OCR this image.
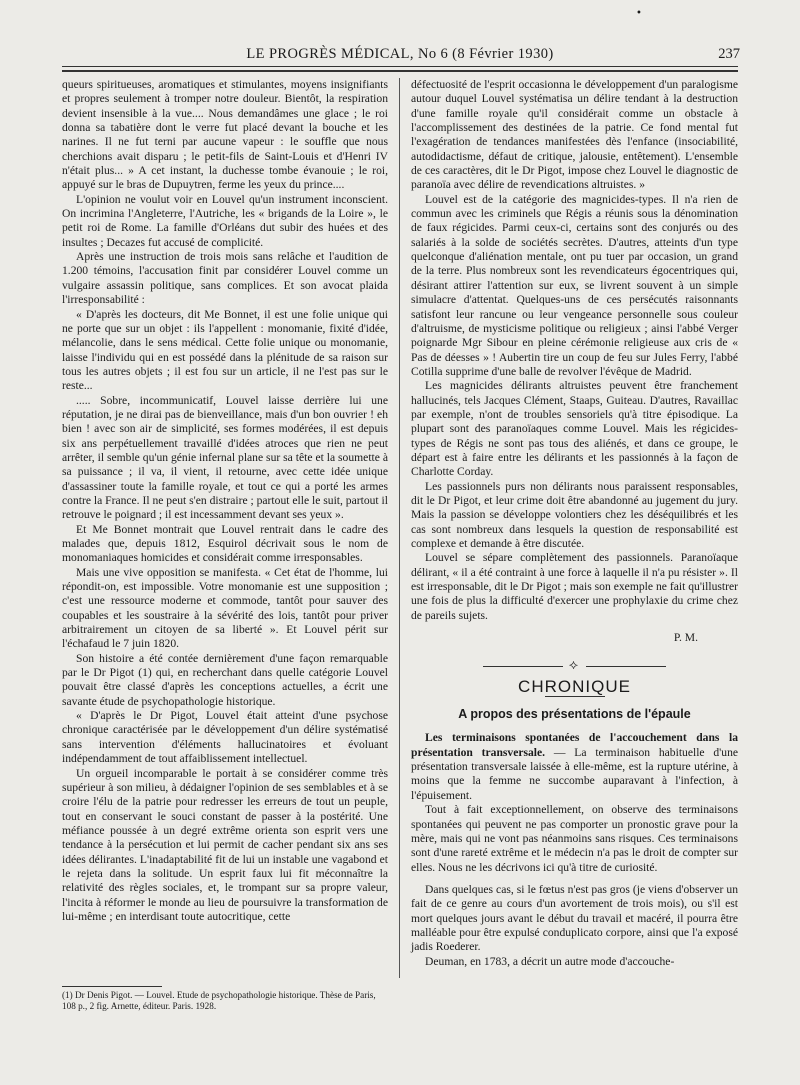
•
LE PROGRÈS MÉDICAL, No 6 (8 Février 1930)	237

queurs spiritueuses, aromatiques et stimulantes, moyens insignifiants et propres seulement à tromper notre douleur. Bientôt, la respiration devient insensible à la vue.... Nous demandâmes une glace ; le roi donna sa tabatière dont le verre fut placé devant la bouche et les narines. Il ne fut terni par aucune vapeur : le souffle que nous cherchions avait disparu ; le petit-fils de Saint-Louis et d'Henri IV n'était plus... » A cet instant, la duchesse tombe évanouie ; le roi, appuyé sur le bras de Dupuytren, ferme les yeux du prince....

L'opinion ne voulut voir en Louvel qu'un instrument inconscient. On incrimina l'Angleterre, l'Autriche, les « brigands de la Loire », le petit roi de Rome. La famille d'Orléans dut subir des huées et des insultes ; Decazes fut accusé de complicité.

Après une instruction de trois mois sans relâche et l'audition de 1.200 témoins, l'accusation finit par considérer Louvel comme un vulgaire assassin politique, sans complices. Et son avocat plaida l'irresponsabilité :

« D'après les docteurs, dit Me Bonnet, il est une folie unique qui ne porte que sur un objet : ils l'appellent : monomanie, fixité d'idée, mélancolie, dans le sens médical. Cette folie unique ou monomanie, laisse l'individu qui en est possédé dans la plénitude de sa raison sur tous les autres objets ; il est fou sur un article, il ne l'est pas sur le reste...

..... Sobre, incommunicatif, Louvel laisse derrière lui une réputation, je ne dirai pas de bienveillance, mais d'un bon ouvrier ! eh bien ! avec son air de simplicité, ses formes modérées, il est depuis six ans perpétuellement travaillé d'idées atroces que rien ne peut arrêter, il semble qu'un génie infernal plane sur sa tête et la soumette à sa puissance ; il va, il vient, il retourne, avec cette idée unique d'assassiner toute la famille royale, et tout ce qui a porté les armes contre la France. Il ne peut s'en distraire ; partout elle le suit, partout il retrouve le poignard ; il est incessamment devant ses yeux ».

Et Me Bonnet montrait que Louvel rentrait dans le cadre des malades que, depuis 1812, Esquirol décrivait sous le nom de monomaniaques homicides et considérait comme irresponsables.

Mais une vive opposition se manifesta. « Cet état de l'homme, lui répondit-on, est impossible. Votre monomanie est une supposition ; c'est une ressource moderne et commode, tantôt pour sauver des coupables et les soustraire à la sévérité des lois, tantôt pour priver arbitrairement un citoyen de sa liberté ». Et Louvel périt sur l'échafaud le 7 juin 1820.

Son histoire a été contée dernièrement d'une façon remarquable par le Dr Pigot (1) qui, en recherchant dans quelle catégorie Louvel pouvait être classé d'après les conceptions actuelles, a écrit une savante étude de psychopathologie historique.

« D'après le Dr Pigot, Louvel était atteint d'une psychose chronique caractérisée par le développement d'un délire systématisé sans intervention d'éléments hallucinatoires et évoluant indépendamment de tout affaiblissement intellectuel.

Un orgueil incomparable le portait à se considérer comme très supérieur à son milieu, à dédaigner l'opinion de ses semblables et à se croire l'élu de la patrie pour redresser les erreurs de tout un peuple, tout en conservant le souci constant de passer à la postérité. Une méfiance poussée à un degré extrême orienta son esprit vers une tendance à la persécution et lui permit de cacher pendant six ans ses idées délirantes. L'inadaptabilité fit de lui un instable une vagabond et le rejeta dans la solitude. Un esprit faux lui fit méconnaître la relativité des règles sociales, et, le trompant sur sa propre valeur, l'incita à réformer le monde au lieu de poursuivre la transformation de lui-même ; en interdisant toute autocritique, cette

défectuosité de l'esprit occasionna le développement d'un paralogisme autour duquel Louvel systématisa un délire tendant à la destruction d'une famille royale qu'il considérait comme un obstacle à l'accomplissement des destinées de la patrie. Ce fond mental fut l'exagération de tendances manifestées dès l'enfance (insociabilité, autodidactisme, défaut de critique, jalousie, entêtement). L'ensemble de ces caractères, dit le Dr Pigot, impose chez Louvel le diagnostic de paranoïa avec délire de revendications altruistes. »

Louvel est de la catégorie des magnicides-types. Il n'a rien de commun avec les criminels que Régis a réunis sous la dénomination de faux régicides. Parmi ceux-ci, certains sont des conjurés ou des salariés à la solde de sociétés secrètes. D'autres, atteints d'un type quelconque d'aliénation mentale, ont pu tuer par occasion, un grand de la terre. Plus nombreux sont les revendicateurs égocentriques qui, désirant attirer l'attention sur eux, se livrent souvent à un simple simulacre d'attentat. Quelques-uns de ces persécutés raisonnants satisfont leur rancune ou leur vengeance personnelle sous couleur d'altruisme, de mysticisme politique ou religieux ; ainsi l'abbé Verger poignarde Mgr Sibour en pleine cérémonie religieuse aux cris de « Pas de déesses » ! Aubertin tire un coup de feu sur Jules Ferry, l'abbé Cotilla supprime d'une balle de revolver l'évêque de Madrid.

Les magnicides délirants altruistes peuvent être franchement hallucinés, tels Jacques Clément, Staaps, Guiteau. D'autres, Ravaillac par exemple, n'ont de troubles sensoriels qu'à titre épisodique. La plupart sont des paranoïaques comme Louvel. Mais les régicides-types de Régis ne sont pas tous des aliénés, et dans ce groupe, le départ est à faire entre les délirants et les passionnés à la façon de Charlotte Corday.

Les passionnels purs non délirants nous paraissent responsables, dit le Dr Pigot, et leur crime doit être abandonné au jugement du jury. Mais la passion se développe volontiers chez les déséquilibrés et les cas sont nombreux dans lesquels la question de responsabilité est complexe et demande à être discutée.

Louvel se sépare complètement des passionnels. Paranoïaque délirant, « il a été contraint à une force à laquelle il n'a pu résister ». Il est irresponsable, dit le Dr Pigot ; mais son exemple ne fait qu'illustrer une fois de plus la difficulté d'exercer une prophylaxie du crime chez de pareils sujets.

P. M.

⟡
CHRONIQUE
A propos des présentations de l'épaule

Les terminaisons spontanées de l'accouchement dans la présentation transversale. — La terminaison habituelle d'une présentation transversale laissée à elle-même, est la rupture utérine, à moins que la femme ne succombe auparavant à l'infection, à l'épuisement.

Tout à fait exceptionnellement, on observe des terminaisons spontanées qui peuvent ne pas comporter un pronostic grave pour la mère, mais qui ne vont pas néanmoins sans risques. Ces terminaisons sont d'une rareté extrême et le médecin n'a pas le droit de compter sur elles. Nous ne les décrivons ici qu'à titre de curiosité.

Dans quelques cas, si le fœtus n'est pas gros (je viens d'observer un fait de ce genre au cours d'un avortement de trois mois), ou s'il est mort quelques jours avant le début du travail et macéré, il pourra être malléable pour être expulsé conduplicato corpore, ainsi que l'a exposé jadis Roederer.

Deuman, en 1783, a décrit un autre mode d'accouche-

(1) Dr Denis Pigot. — Louvel. Etude de psychopathologie historique. Thèse de Paris, 108 p., 2 fig. Arnette, éditeur. Paris. 1928.
